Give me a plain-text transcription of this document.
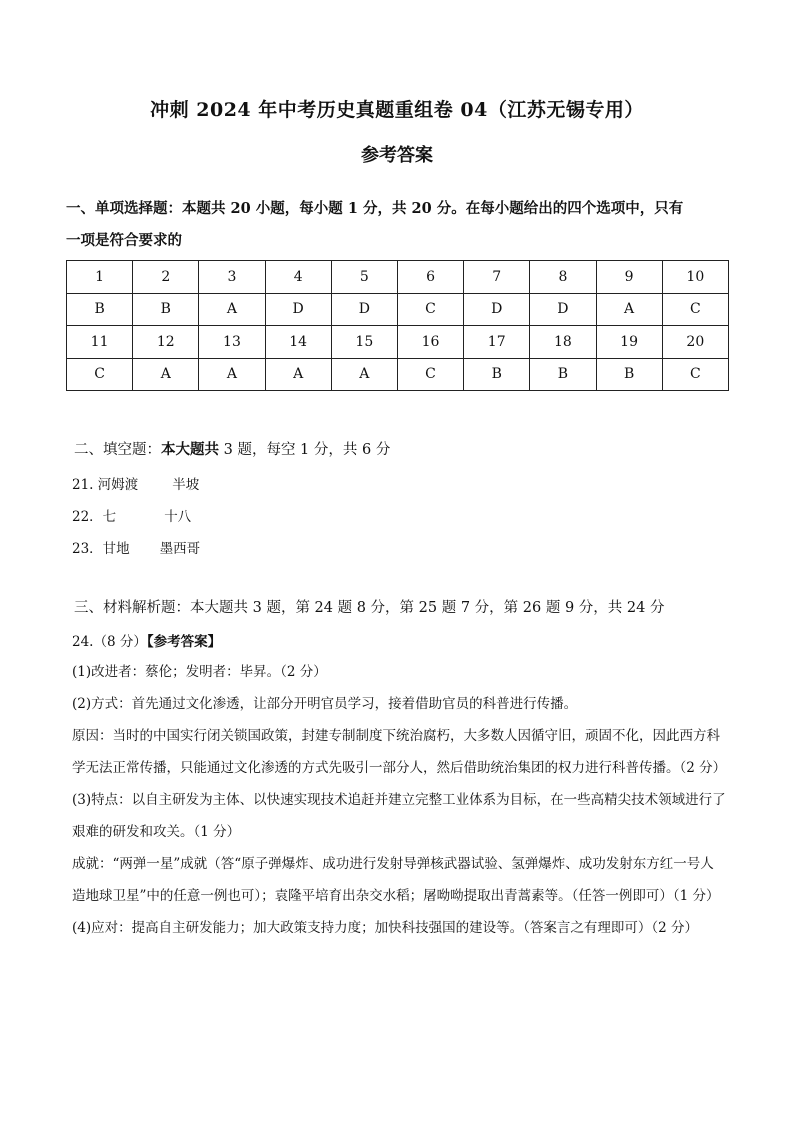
冲刺 2024 年中考历史真题重组卷 04（江苏无锡专用）
参考答案
一、单项选择题：本题共 20 小题，每小题 1 分，共 20 分。在每小题给出的四个选项中，只有
一项是符合要求的
1	2	3	4	5	6	7	8	9	10
B	B	A	D	D	C	D	D	A	C
11	12	13	14	15	16	17	18	19	20
C	A	A	A	A	C	B	B	B	C
二、填空题：本大题共 3 题，每空 1 分，共 6 分
21. 河姆渡	半坡
22．七	十八
23．甘地 墨西哥
三、材料解析题：本大题共 3 题，第 24 题 8 分，第 25 题 7 分，第 26 题 9 分，共 24 分
24.（8 分）【参考答案】

(1)改进者：蔡伦；发明者：毕昇。（2 分）

(2)方式：首先通过文化渗透，让部分开明官员学习，接着借助官员的科普进行传播。

原因：当时的中国实行闭关锁国政策，封建专制制度下统治腐朽，大多数人因循守旧，顽固不化，因此西方科学无法正常传播，只能通过文化渗透的方式先吸引一部分人，然后借助统治集团的权力进行科普传播。（2 分）

(3)特点：以自主研发为主体、以快速实现技术追赶并建立完整工业体系为目标，在一些高精尖技术领域进行了艰难的研发和攻关。（1 分）

成就：“两弹一星”成就（答“原子弹爆炸、成功进行发射导弹核武器试验、氢弹爆炸、成功发射东方红一号人造地球卫星”中的任意一例也可）；袁隆平培育出杂交水稻；屠呦呦提取出青蒿素等。（任答一例即可）（1 分）

(4)应对：提高自主研发能力；加大政策支持力度；加快科技强国的建设等。（答案言之有理即可）（2 分）
